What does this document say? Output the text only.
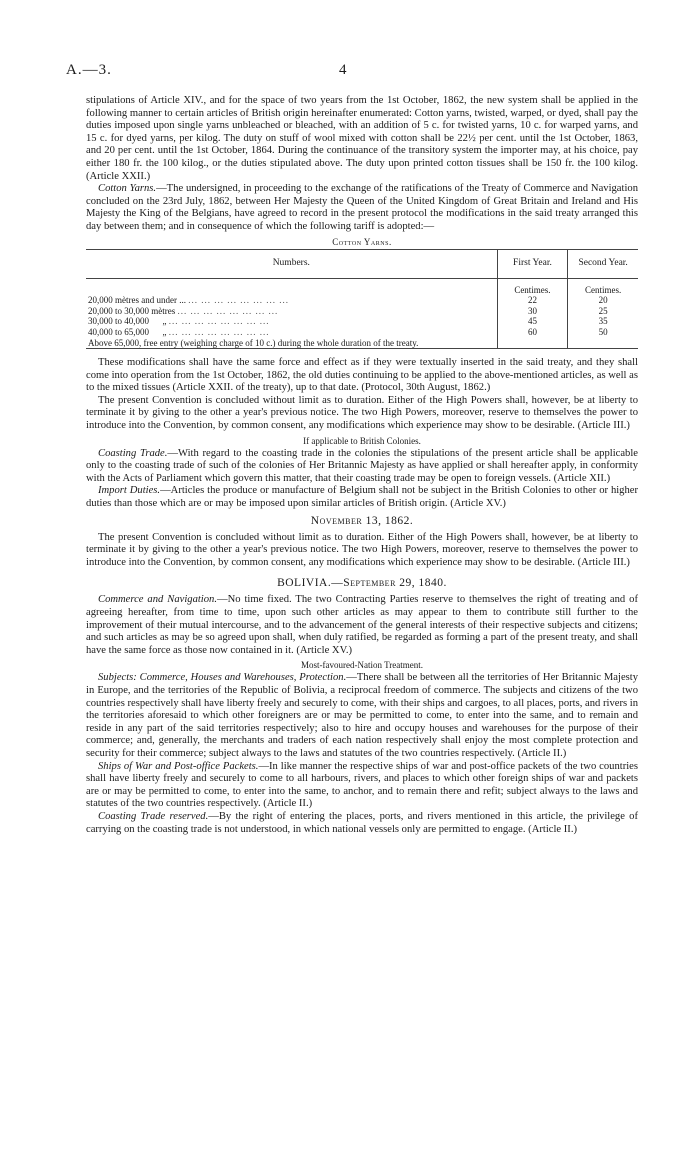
A.—3.	4

stipulations of Article XIV., and for the space of two years from the 1st October, 1862, the new system shall be applied in the following manner to certain articles of British origin hereinafter enumerated: Cotton yarns, twisted, warped, or dyed, shall pay the duties imposed upon single yarns unbleached or bleached, with an addition of 5 c. for twisted yarns, 10 c. for warped yarns, and 15 c. for dyed yarns, per kilog. The duty on stuff of wool mixed with cotton shall be 22½ per cent. until the 1st October, 1863, and 20 per cent. until the 1st October, 1864. During the continuance of the transitory system the importer may, at his choice, pay either 180 fr. the 100 kilog., or the duties stipulated above. The duty upon printed cotton tissues shall be 150 fr. the 100 kilog. (Article XXII.)

Cotton Yarns.—The undersigned, in proceeding to the exchange of the ratifications of the Treaty of Commerce and Navigation concluded on the 23rd July, 1862, between Her Majesty the Queen of the United Kingdom of Great Britain and Ireland and His Majesty the King of the Belgians, have agreed to record in the present protocol the modifications in the said treaty arranged this day between them; and in consequence of which the following tariff is adopted:—

Cotton Yarns.
Numbers.	First Year.	Second Year.

	Centimes.	Centimes.
20,000 mètres and under ... ... ... ... ... ... ... ... ...	22	20
20,000 to 30,000 mètres ... ... ... ... ... ... ... ...	30	25
30,000 to 40,000      „ ... ... ... ... ... ... ... ...	45	35
40,000 to 65,000      „ ... ... ... ... ... ... ... ...	60	50
Above 65,000, free entry (weighing charge of 10 c.) during the whole duration of the treaty.		

These modifications shall have the same force and effect as if they were textually inserted in the said treaty, and they shall come into operation from the 1st October, 1862, the old duties continuing to be applied to the above-mentioned articles, as well as to the mixed tissues (Article XXII. of the treaty), up to that date. (Protocol, 30th August, 1862.)

The present Convention is concluded without limit as to duration. Either of the High Powers shall, however, be at liberty to terminate it by giving to the other a year's previous notice. The two High Powers, moreover, reserve to themselves the power to introduce into the Convention, by common consent, any modifications which experience may show to be desirable. (Article III.)

If applicable to British Colonies.

Coasting Trade.—With regard to the coasting trade in the colonies the stipulations of the present article shall be applicable only to the coasting trade of such of the colonies of Her Britannic Majesty as have applied or shall hereafter apply, in conformity with the Acts of Parliament which govern this matter, that their coasting trade may be open to foreign vessels. (Article XII.)

Import Duties.—Articles the produce or manufacture of Belgium shall not be subject in the British Colonies to other or higher duties than those which are or may be imposed upon similar articles of British origin. (Article XV.)

November 13, 1862.

The present Convention is concluded without limit as to duration. Either of the High Powers shall, however, be at liberty to terminate it by giving to the other a year's previous notice. The two High Powers, moreover, reserve to themselves the power to introduce into the Convention, by common consent, any modifications which experience may show to be desirable. (Article III.)

BOLIVIA.—September 29, 1840.

Commerce and Navigation.—No time fixed. The two Contracting Parties reserve to themselves the right of treating and of agreeing hereafter, from time to time, upon such other articles as may appear to them to contribute still further to the improvement of their mutual intercourse, and to the advancement of the general interests of their respective subjects and citizens; and such articles as may be so agreed upon shall, when duly ratified, be regarded as forming a part of the present treaty, and shall have the same force as those now contained in it. (Article XV.)

Most-favoured-Nation Treatment.

Subjects: Commerce, Houses and Warehouses, Protection.—There shall be between all the territories of Her Britannic Majesty in Europe, and the territories of the Republic of Bolivia, a reciprocal freedom of commerce. The subjects and citizens of the two countries respectively shall have liberty freely and securely to come, with their ships and cargoes, to all places, ports, and rivers in the territories aforesaid to which other foreigners are or may be permitted to come, to enter into the same, and to remain and reside in any part of the said territories respectively; also to hire and occupy houses and warehouses for the purpose of their commerce; and, generally, the merchants and traders of each nation respectively shall enjoy the most complete protection and security for their commerce; subject always to the laws and statutes of the two countries respectively. (Article II.)

Ships of War and Post-office Packets.—In like manner the respective ships of war and post-office packets of the two countries shall have liberty freely and securely to come to all harbours, rivers, and places to which other foreign ships of war and packets are or may be permitted to come, to enter into the same, to anchor, and to remain there and refit; subject always to the laws and statutes of the two countries respectively. (Article II.)

Coasting Trade reserved.—By the right of entering the places, ports, and rivers mentioned in this article, the privilege of carrying on the coasting trade is not understood, in which national vessels only are permitted to engage. (Article II.)
